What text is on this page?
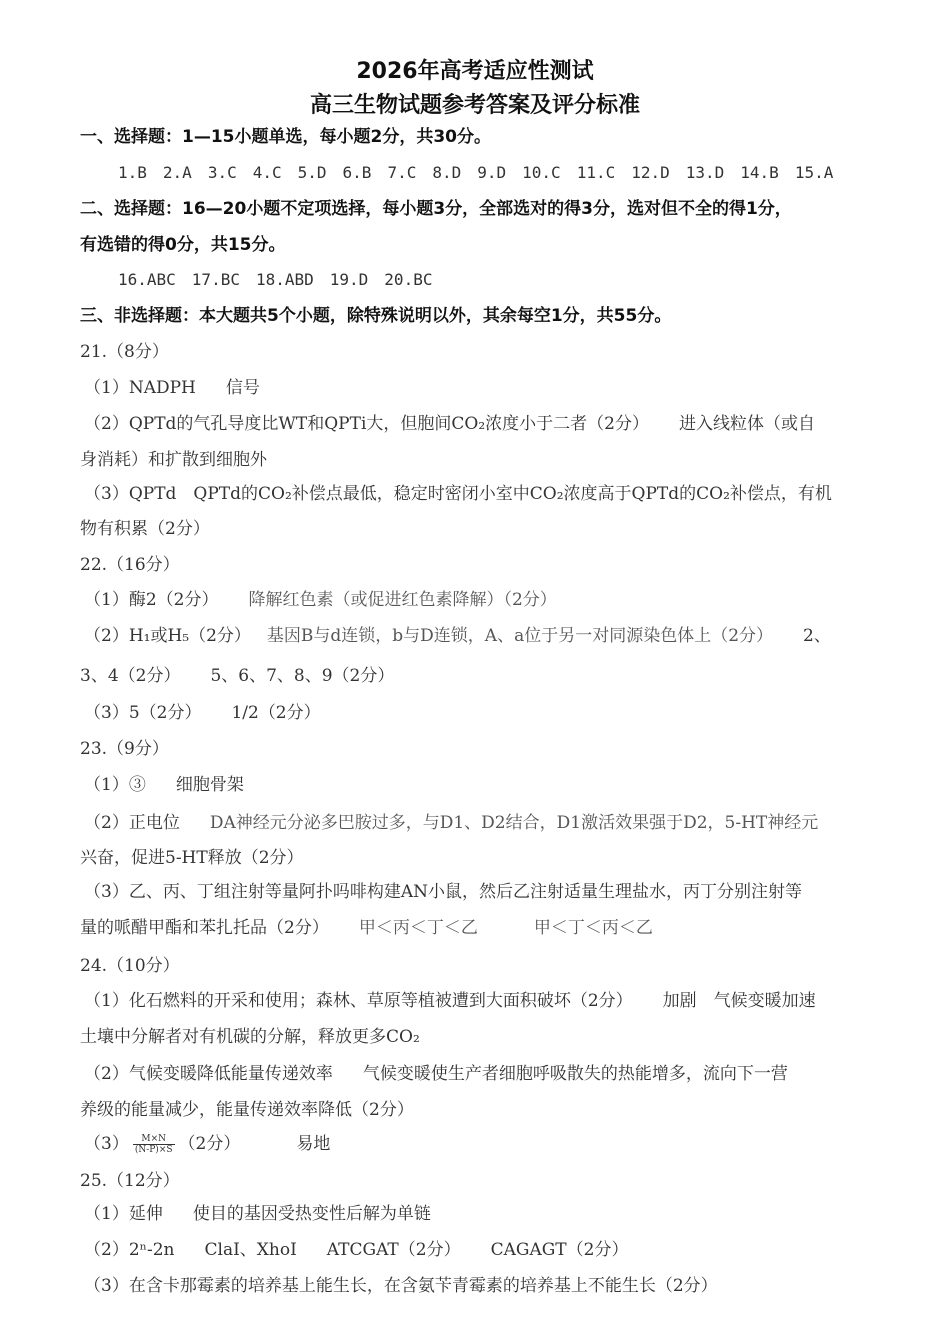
2026年高考适应性测试
高三生物试题参考答案及评分标准
一、选择题：1—15小题单选，每小题2分，共30分。
1.B 2.A 3.C 4.C 5.D 6.B 7.C 8.D 9.D 10.C 11.C 12.D 13.D 14.B 15.A
二、选择题：16—20小题不定项选择，每小题3分，全部选对的得3分，选对但不全的得1分，
有选错的得0分，共15分。
16.ABC 17.BC 18.ABD 19.D 20.BC
三、非选择题：本大题共5个小题，除特殊说明以外，其余每空1分，共55分。
21.（8分）
（1）NADPH 信号
（2）QPTd的气孔导度比WT和QPTi大，但胞间CO₂浓度小于二者（2分） 进入线粒体（或自
身消耗）和扩散到细胞外
（3）QPTd　QPTd的CO₂补偿点最低，稳定时密闭小室中CO₂浓度高于QPTd的CO₂补偿点，有机
物有积累（2分）
22.（16分）
（1）酶2（2分） 降解红色素（或促进红色素降解）（2分）
（2）H₁或H₅（2分） 基因B与d连锁，b与D连锁，A、a位于另一对同源染色体上（2分） 2、
3、4（2分） 5、6、7、8、9（2分）
（3）5（2分） 1/2（2分）
23.（9分）
（1）③ 细胞骨架
（2）正电位 DA神经元分泌多巴胺过多，与D1、D2结合，D1激活效果强于D2，5-HT神经元
兴奋，促进5-HT释放（2分）
（3）乙、丙、丁组注射等量阿扑吗啡构建AN小鼠，然后乙注射适量生理盐水，丙丁分别注射等
量的哌醋甲酯和苯扎托品（2分） 甲＜丙＜丁＜乙	甲＜丁＜丙＜乙
24.（10分）
（1）化石燃料的开采和使用；森林、草原等植被遭到大面积破坏（2分） 加剧　气候变暖加速
土壤中分解者对有机碳的分解，释放更多CO₂
（2）气候变暖降低能量传递效率 气候变暖使生产者细胞呼吸散失的热能增多，流向下一营
养级的能量减少，能量传递效率降低（2分）
$(3) \frac{M\times N}{(N-P)\times S} (2$分）	易地
25.（12分）
（1）延伸 使目的基因受热变性后解为单链
（2）2ⁿ-2n ClaI、XhoI ATCGAT（2分） CAGAGT（2分）
（3）在含卡那霉素的培养基上能生长，在含氨苄青霉素的培养基上不能生长（2分）
